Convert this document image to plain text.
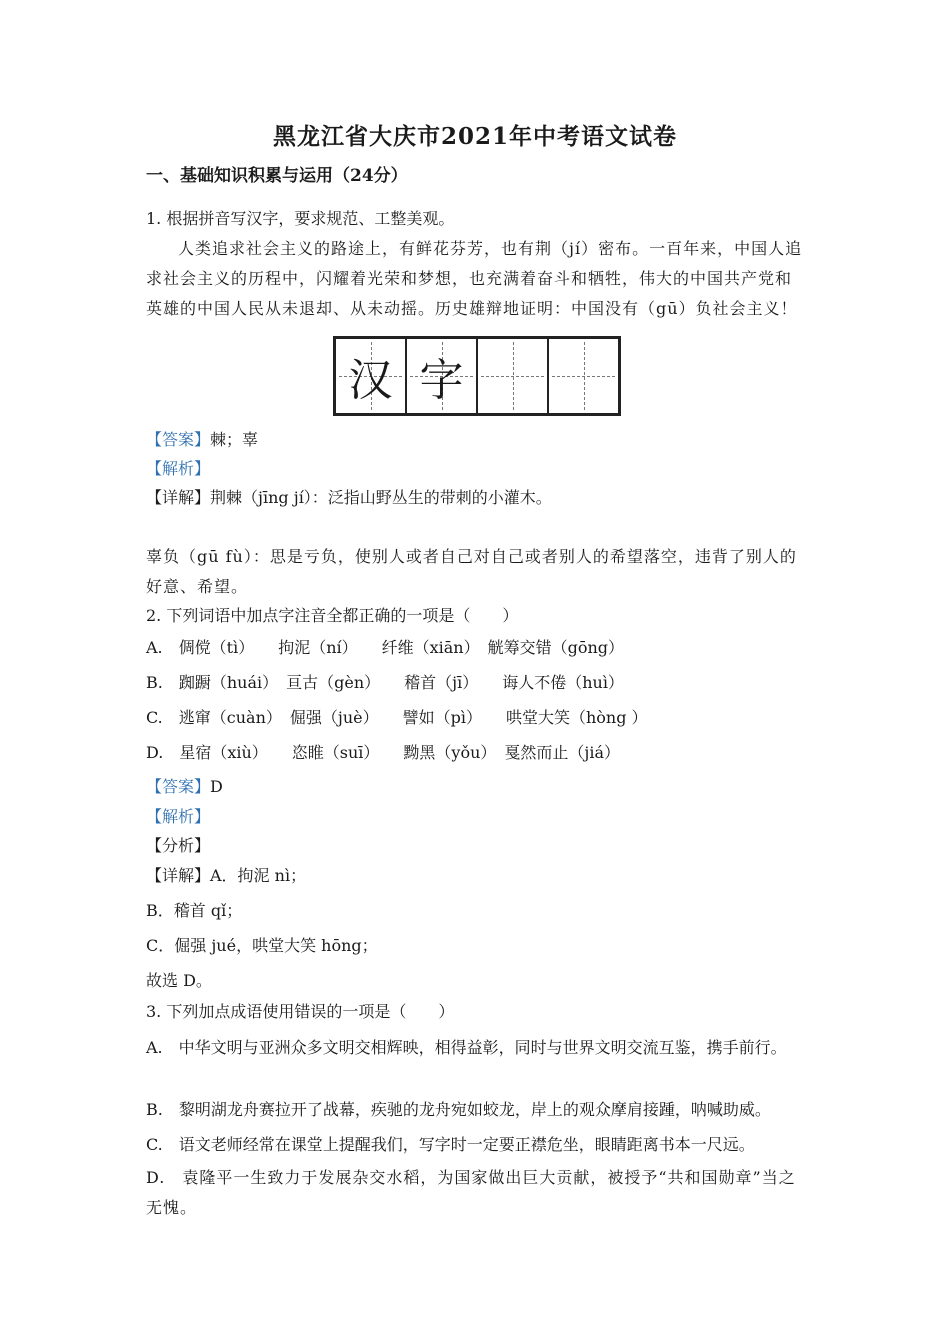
黑龙江省大庆市2021年中考语文试卷
一、基础知识积累与运用（24分）
1. 根据拼音写汉字，要求规范、工整美观。
人类追求社会主义的路途上，有鲜花芬芳，也有荆（jí）密布。一百年来，中国人追求社会主义的历程中，闪耀着光荣和梦想，也充满着奋斗和牺牲，伟大的中国共产党和英雄的中国人民从未退却、从未动摇。历史雄辩地证明：中国没有（gū）负社会主义！
汉 字
【答案】棘；辜
【解析】
【详解】荆棘（jīng jí）：泛指山野丛生的带刺的小灌木。
辜负（gū fù）：思是亏负，使别人或者自己对自己或者别人的希望落空，违背了别人的好意、希望。
2. 下列词语中加点字注音全都正确的一项是（　　）
A.　倜傥（tì）　　拘泥（ní）　　纤维（xiān）　觥筹交错（gōng）
B.　踟蹰（huái）　亘古（gèn）　　稽首（jī）　　诲人不倦（huì）
C.　逃窜（cuàn）　倔强（juè）　　譬如（pì）　　哄堂大笑（hòng ）
D.　星宿（xiù）　　恣睢（suī）　　黝黑（yǒu）　戛然而止（jiá）
【答案】D
【解析】
【分析】
【详解】A．拘泥 nì；
B．稽首 qǐ；
C．倔强 jué，哄堂大笑 hōng；
故选 D。
3. 下列加点成语使用错误的一项是（　　）
A.　中华文明与亚洲众多文明交相辉映，相得益彰，同时与世界文明交流互鉴，携手前行。
B.　黎明湖龙舟赛拉开了战幕，疾驰的龙舟宛如蛟龙，岸上的观众摩肩接踵，呐喊助威。
C.　语文老师经常在课堂上提醒我们，写字时一定要正襟危坐，眼睛距离书本一尺远。
D.　袁隆平一生致力于发展杂交水稻，为国家做出巨大贡献，被授予“共和国勋章”当之无愧。
